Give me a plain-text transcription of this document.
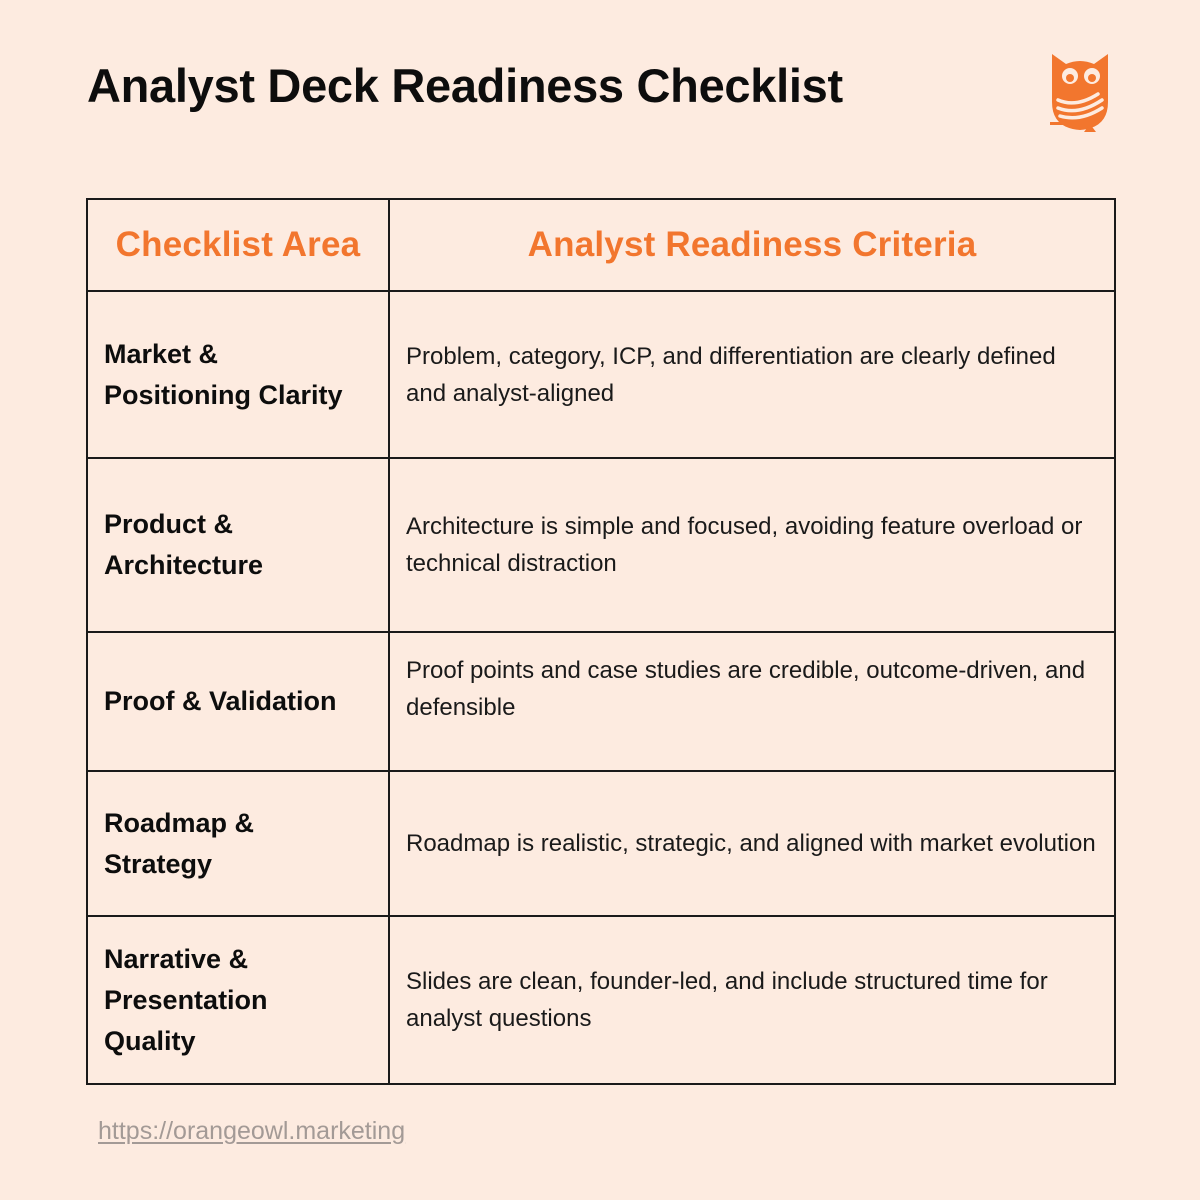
Analyst Deck Readiness Checklist
Checklist Area	Analyst Readiness Criteria

Market & Positioning Clarity	Problem, category, ICP, and differentiation are clearly defined and analyst-aligned

Product & Architecture	Architecture is simple and focused, avoiding feature overload or technical distraction

Proof & Validation	Proof points and case studies are credible, outcome-driven, and defensible

Roadmap & Strategy	Roadmap is realistic, strategic, and aligned with market evolution

Narrative & Presentation Quality	Slides are clean, founder-led, and include structured time for analyst questions
https://orangeowl.marketing
